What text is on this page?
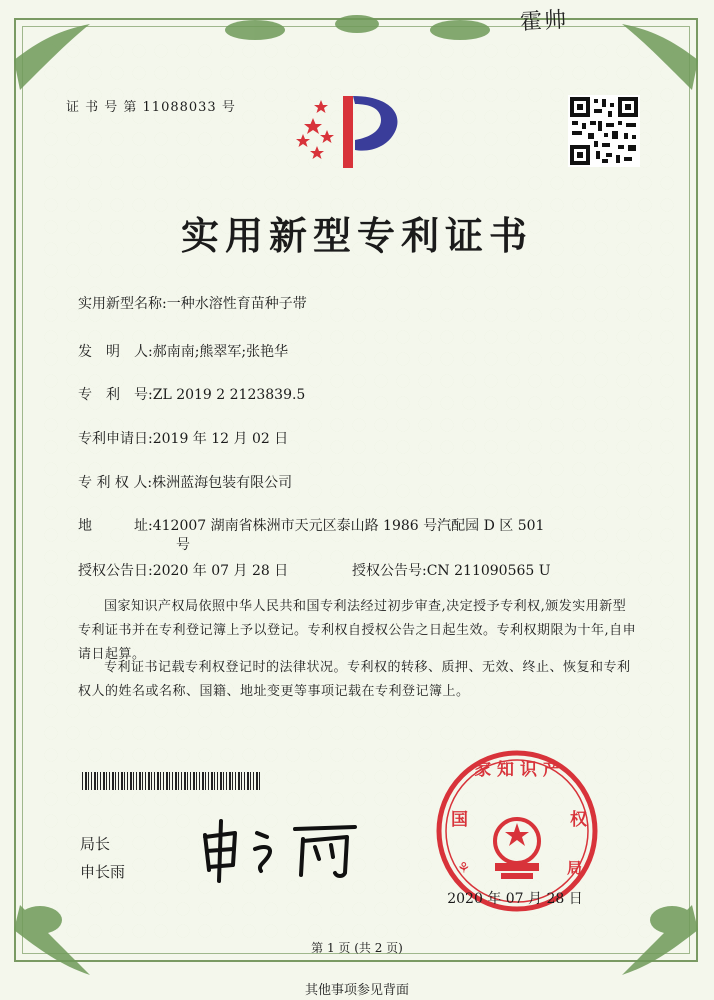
霍帅
证 书 号 第 11088033 号
实用新型专利证书
实用新型名称:一种水溶性育苗种子带
发　明　人:郝南南;熊翠军;张艳华
专　利　号:ZL 2019 2 2123839.5
专利申请日:2019 年 12 月 02 日
专 利 权 人:株洲蓝海包装有限公司
地　　　址:412007 湖南省株洲市天元区泰山路 1986 号汽配园 D 区 501
号
授权公告日:2020 年 07 月 28 日	授权公告号:CN 211090565 U
国家知识产权局依照中华人民共和国专利法经过初步审查,决定授予专利权,颁发实用新型专利证书并在专利登记簿上予以登记。专利权自授权公告之日起生效。专利权期限为十年,自申请日起算。
专利证书记载专利权登记时的法律状况。专利权的转移、质押、无效、终止、恢复和专利权人的姓名或名称、国籍、地址变更等事项记载在专利登记簿上。
局长
申长雨
家 知 识 产
国	权
⚘	局
2020 年 07 月 28 日
第 1 页 (共 2 页)
其他事项参见背面
